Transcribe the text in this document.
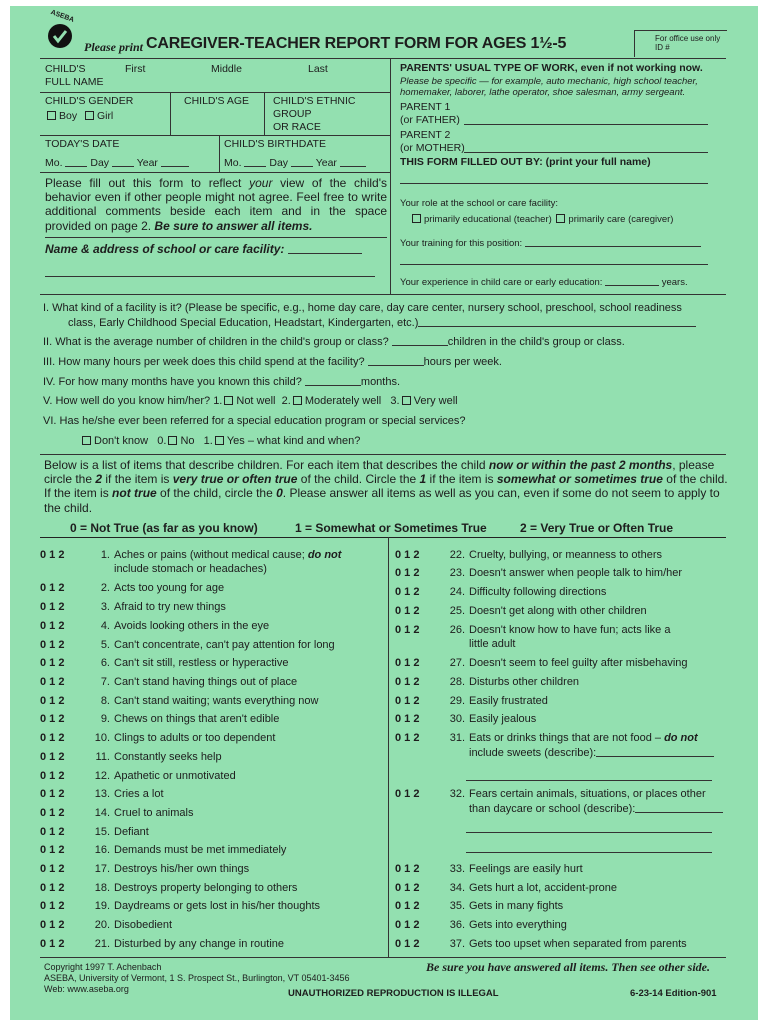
ASEBA
Please print CAREGIVER-TEACHER REPORT FORM FOR AGES 1½-5	For office use only
ID #
CHILD'S
FULL NAME
First	Middle	Last
CHILD'S GENDER
Boy Girl
CHILD'S AGE CHILD'S ETHNIC
GROUP
OR RACE
TODAY'S DATE
Mo.	Day	Year
CHILD'S BIRTHDATE
Mo.	Day	Year
Please fill out this form to reflect your view of the child's behavior even if other people might not agree. Feel free to write additional comments beside each item and in the space provided on page 2. Be sure to answer all items.
Name & address of school or care facility:
PARENTS' USUAL TYPE OF WORK, even if not working now.
Please be specific — for example, auto mechanic, high school teacher, homemaker, laborer, lathe operator, shoe salesman, army sergeant.
PARENT 1
(or FATHER)
PARENT 2
(or MOTHER)
THIS FORM FILLED OUT BY: (print your full name)
Your role at the school or care facility:
primarily educational (teacher) primarily care (caregiver)
Your training for this position:
Your experience in child care or early education:	years.
I. What kind of a facility is it? (Please be specific, e.g., home day care, day care center, nursery school, preschool, school readiness
class, Early Childhood Special Education, Headstart, Kindergarten, etc.)
II. What is the average number of children in the child's group or class?	children in the child's group or class.
III. How many hours per week does this child spend at the facility?	hours per week.
IV. For how many months have you known this child?	months.
V. How well do you know him/her? 1. Not well 2. Moderately well 3. Very well
VI. Has he/she ever been referred for a special education program or special services?
Don't know 0. No 1. Yes – what kind and when?
Below is a list of items that describe children. For each item that describes the child now or within the past 2 months, please circle the 2 if the item is very true or often true of the child. Circle the 1 if the item is somewhat or sometimes true of the child. If the item is not true of the child, circle the 0. Please answer all items as well as you can, even if some do not seem to apply to the child.
0 = Not True (as far as you know)	1 = Somewhat or Sometimes True	2 = Very True or Often True
0 1 2	1. Aches or pains (without medical cause; do not
include stomach or headaches)
0 1 2	2. Acts too young for age
0 1 2	3. Afraid to try new things
0 1 2	4. Avoids looking others in the eye
0 1 2	5. Can't concentrate, can't pay attention for long
0 1 2	6. Can't sit still, restless or hyperactive
0 1 2	7. Can't stand having things out of place
0 1 2	8. Can't stand waiting; wants everything now
0 1 2	9. Chews on things that aren't edible
0 1 2	10. Clings to adults or too dependent
0 1 2	11. Constantly seeks help
0 1 2	12. Apathetic or unmotivated
0 1 2	13. Cries a lot
0 1 2	14. Cruel to animals
0 1 2	15. Defiant
0 1 2	16. Demands must be met immediately
0 1 2	17. Destroys his/her own things
0 1 2	18. Destroys property belonging to others
0 1 2	19. Daydreams or gets lost in his/her thoughts
0 1 2	20. Disobedient
0 1 2	21. Disturbed by any change in routine
0 1 2	22. Cruelty, bullying, or meanness to others
0 1 2	23. Doesn't answer when people talk to him/her
0 1 2	24. Difficulty following directions
0 1 2	25. Doesn't get along with other children
0 1 2	26. Doesn't know how to have fun; acts like a
little adult
0 1 2	27. Doesn't seem to feel guilty after misbehaving
0 1 2	28. Disturbs other children
0 1 2	29. Easily frustrated
0 1 2	30. Easily jealous
0 1 2	31. Eats or drinks things that are not food – do not
include sweets (describe):
0 1 2	32. Fears certain animals, situations, or places other
than daycare or school (describe):
0 1 2	33. Feelings are easily hurt
0 1 2	34. Gets hurt a lot, accident-prone
0 1 2	35. Gets in many fights
0 1 2	36. Gets into everything
0 1 2	37. Gets too upset when separated from parents
Copyright 1997 T. Achenbach
ASEBA, University of Vermont, 1 S. Prospect St., Burlington, VT 05401-3456
Web: www.aseba.org	UNAUTHORIZED REPRODUCTION IS ILLEGAL
Be sure you have answered all items. Then see other side.
6-23-14 Edition-901
